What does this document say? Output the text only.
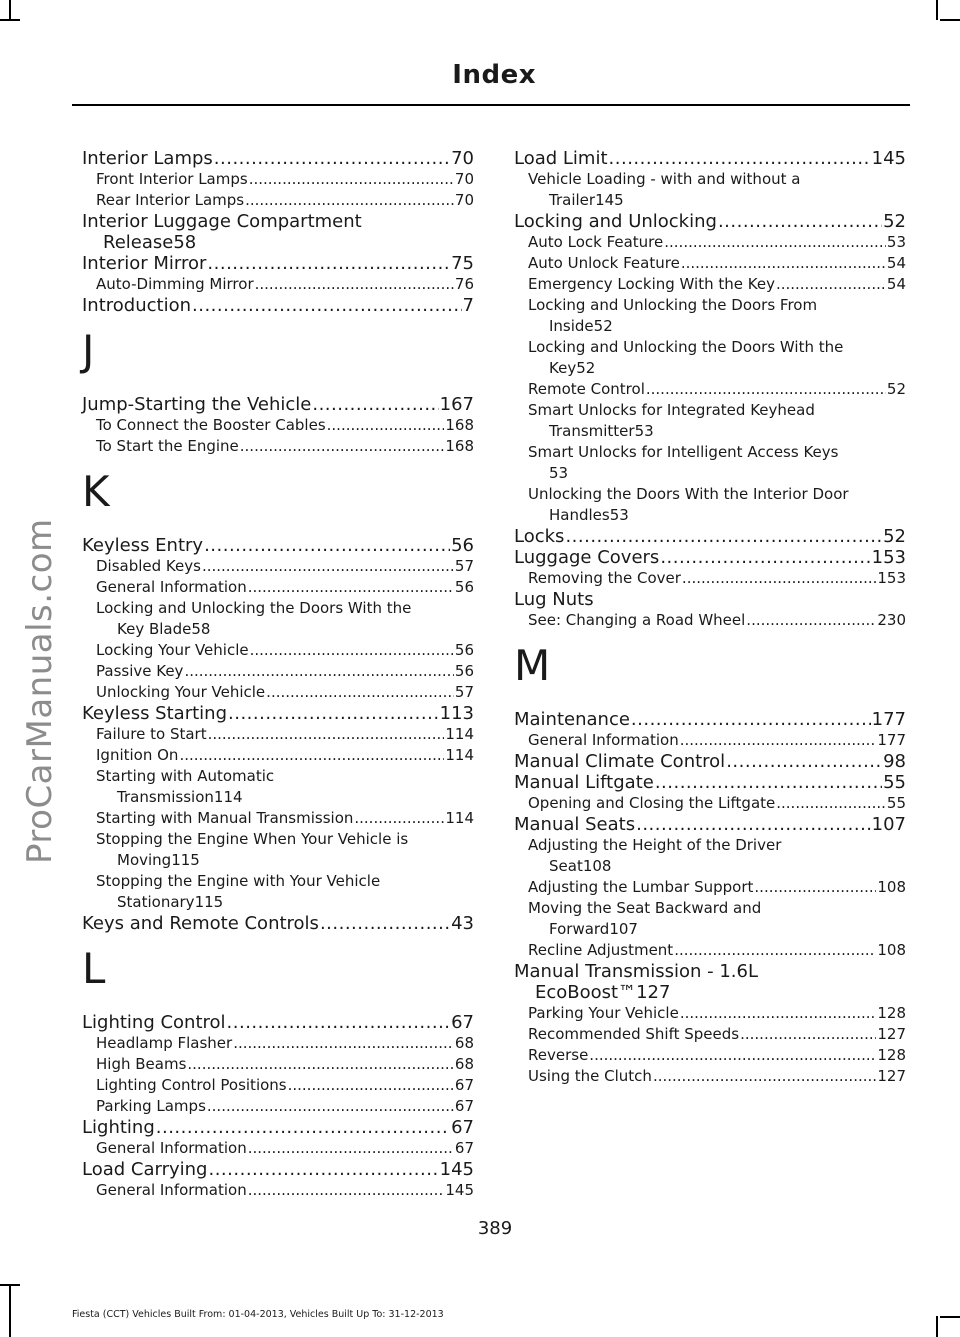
Index
ProCarManuals.com
Interior Lamps .....	70
Front Interior Lamps .....	70
Rear Interior Lamps .....	70
Interior Luggage Compartment
Release 58
Interior Mirror .....	75
Auto-Dimming Mirror .....	76
Introduction .....	7
J
Jump-Starting the Vehicle .....	167
To Connect the Booster Cables .....	168
To Start the Engine .....	168
K
Keyless Entry .....	56
Disabled Keys .....	57
General Information .....	56
Locking and Unlocking the Doors With the
Key Blade 58
Locking Your Vehicle .....	56
Passive Key .....	56
Unlocking Your Vehicle .....	57
Keyless Starting .....	113
Failure to Start .....	114
Ignition On .....	114
Starting with Automatic
Transmission 114
Starting with Manual Transmission .....	114
Stopping the Engine When Your Vehicle is
Moving 115
Stopping the Engine with Your Vehicle
Stationary 115
Keys and Remote Controls .....	43
L
Lighting Control .....	67
Headlamp Flasher .....	68
High Beams .....	68
Lighting Control Positions .....	67
Parking Lamps .....	67
Lighting .....	67
General Information .....	67
Load Carrying .....	145
General Information .....	145
Load Limit .....	145
Vehicle Loading - with and without a
Trailer 145
Locking and Unlocking .....	52
Auto Lock Feature .....	53
Auto Unlock Feature .....	54
Emergency Locking With the Key .....	54
Locking and Unlocking the Doors From
Inside 52
Locking and Unlocking the Doors With the
Key 52
Remote Control .....	52
Smart Unlocks for Integrated Keyhead
Transmitter 53
Smart Unlocks for Intelligent Access Keys
53
Unlocking the Doors With the Interior Door
Handles 53
Locks .....	52
Luggage Covers .....	153
Removing the Cover .....	153
Lug Nuts
See: Changing a Road Wheel .....	230
M
Maintenance .....	177
General Information .....	177
Manual Climate Control .....	98
Manual Liftgate .....	55
Opening and Closing the Liftgate .....	55
Manual Seats .....	107
Adjusting the Height of the Driver
Seat 108
Adjusting the Lumbar Support .....	108
Moving the Seat Backward and
Forward 107
Recline Adjustment .....	108
Manual Transmission - 1.6L
EcoBoost™ 127
Parking Your Vehicle .....	128
Recommended Shift Speeds .....	127
Reverse .....	128
Using the Clutch .....	127
389
Fiesta (CCT) Vehicles Built From: 01-04-2013, Vehicles Built Up To: 31-12-2013
